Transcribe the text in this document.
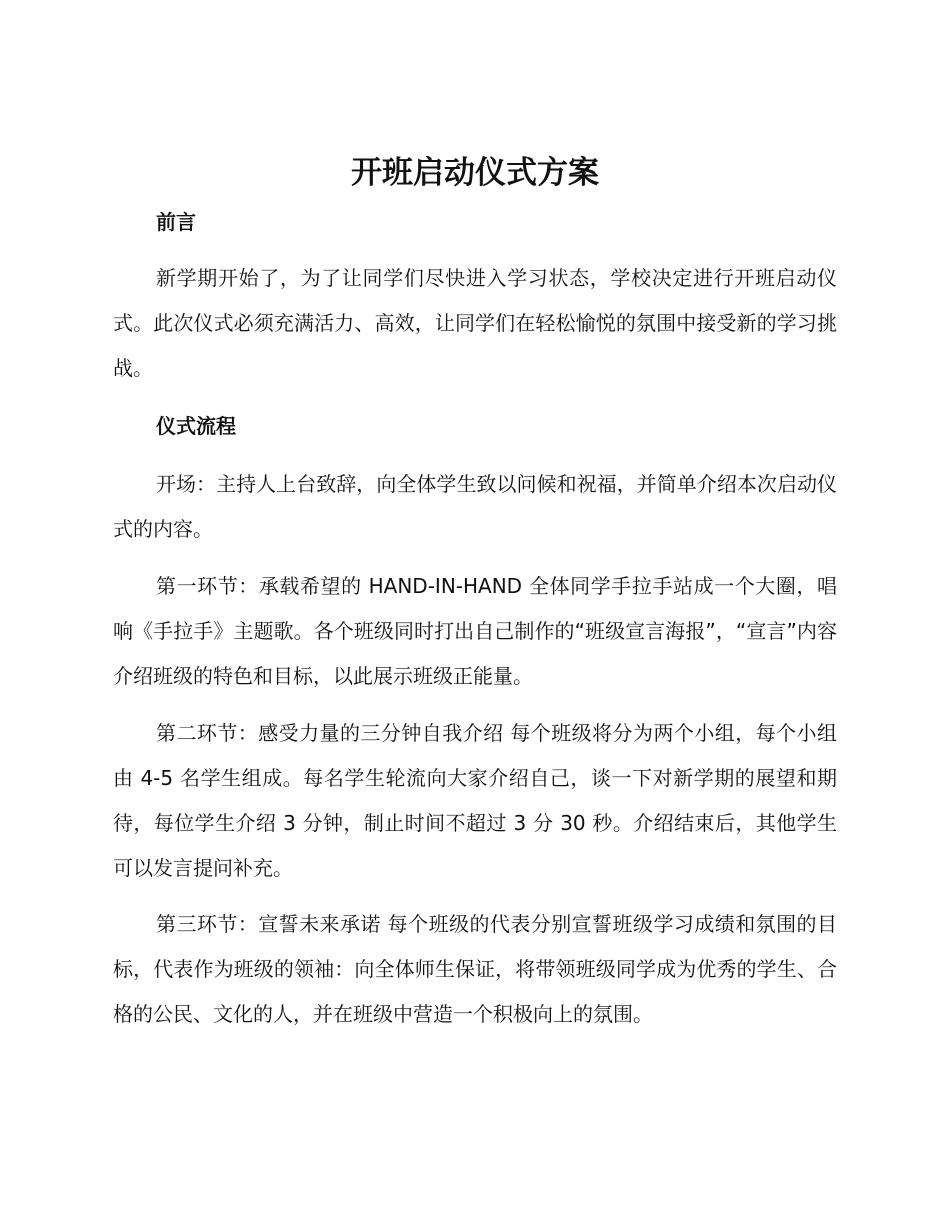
开班启动仪式方案
前言

新学期开始了，为了让同学们尽快进入学习状态，学校决定进行开班启动仪式。此次仪式必须充满活力、高效，让同学们在轻松愉悦的氛围中接受新的学习挑战。

仪式流程

开场：主持人上台致辞，向全体学生致以问候和祝福，并简单介绍本次启动仪式的内容。

第一环节：承载希望的 HAND-IN-HAND 全体同学手拉手站成一个大圈，唱响《手拉手》主题歌。各个班级同时打出自己制作的“班级宣言海报”，“宣言”内容介绍班级的特色和目标，以此展示班级正能量。

第二环节：感受力量的三分钟自我介绍 每个班级将分为两个小组，每个小组由 4-5 名学生组成。每名学生轮流向大家介绍自己，谈一下对新学期的展望和期待，每位学生介绍 3 分钟，制止时间不超过 3 分 30 秒。介绍结束后，其他学生可以发言提问补充。

第三环节：宣誓未来承诺 每个班级的代表分别宣誓班级学习成绩和氛围的目标，代表作为班级的领袖：向全体师生保证，将带领班级同学成为优秀的学生、合格的公民、文化的人，并在班级中营造一个积极向上的氛围。
